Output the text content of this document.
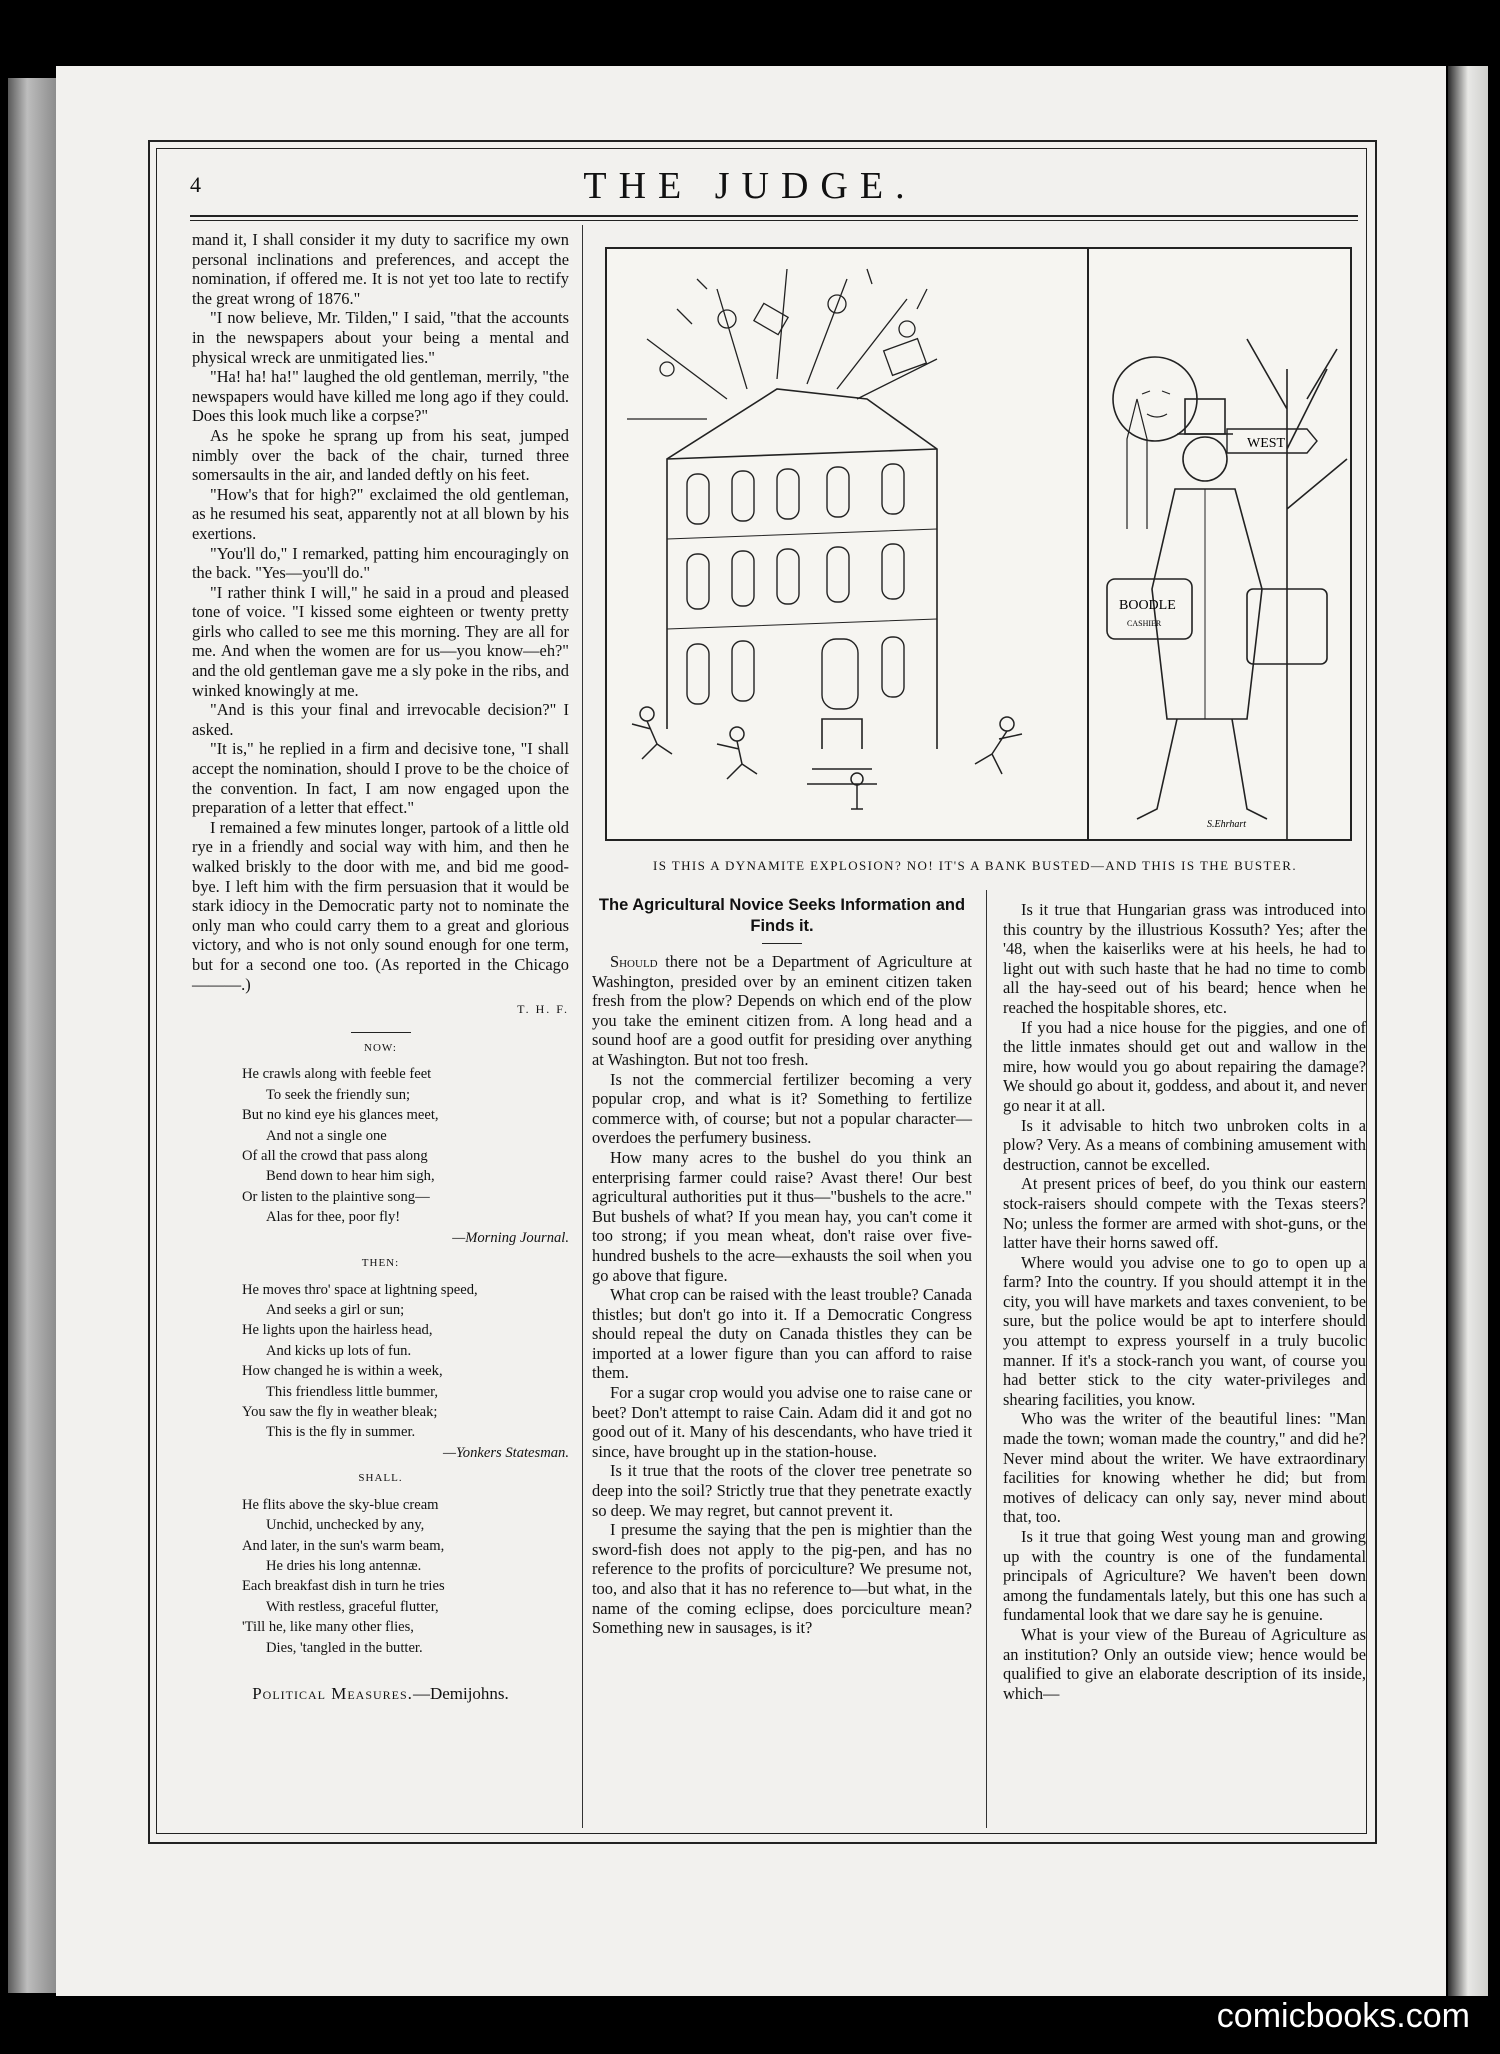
4	THE JUDGE.

mand it, I shall consider it my duty to sacrifice my own personal inclinations and preferences, and accept the nomination, if offered me. It is not yet too late to rectify the great wrong of 1876."

"I now believe, Mr. Tilden," I said, "that the accounts in the newspapers about your being a mental and physical wreck are unmitigated lies."

"Ha! ha! ha!" laughed the old gentleman, merrily, "the newspapers would have killed me long ago if they could. Does this look much like a corpse?"

As he spoke he sprang up from his seat, jumped nimbly over the back of the chair, turned three somersaults in the air, and landed deftly on his feet.

"How's that for high?" exclaimed the old gentleman, as he resumed his seat, apparently not at all blown by his exertions.

"You'll do," I remarked, patting him encouragingly on the back. "Yes—you'll do."

"I rather think I will," he said in a proud and pleased tone of voice. "I kissed some eighteen or twenty pretty girls who called to see me this morning. They are all for me. And when the women are for us—you know—eh?" and the old gentleman gave me a sly poke in the ribs, and winked knowingly at me.

"And is this your final and irrevocable decision?" I asked.

"It is," he replied in a firm and decisive tone, "I shall accept the nomination, should I prove to be the choice of the convention. In fact, I am now engaged upon the preparation of a letter that effect."

I remained a few minutes longer, partook of a little old rye in a friendly and social way with him, and then he walked briskly to the door with me, and bid me good-bye. I left him with the firm persuasion that it would be stark idiocy in the Democratic party not to nominate the only man who could carry them to a great and glorious victory, and who is not only sound enough for one term, but for a second one too. (As reported in the Chicago ———.)

T. H. F.
NOW:
He crawls along with feeble feet
To seek the friendly sun;
But no kind eye his glances meet,
And not a single one
Of all the crowd that pass along
Bend down to hear him sigh,
Or listen to the plaintive song—
Alas for thee, poor fly!
—Morning Journal.
THEN:
He moves thro' space at lightning speed,
And seeks a girl or sun;
He lights upon the hairless head,
And kicks up lots of fun.
How changed he is within a week,
This friendless little bummer,
You saw the fly in weather bleak;
This is the fly in summer.
—Yonkers Statesman.
SHALL.
He flits above the sky-blue cream
Unchid, unchecked by any,
And later, in the sun's warm beam,
He dries his long antennæ.
Each breakfast dish in turn he tries
With restless, graceful flutter,
'Till he, like many other flies,
Dies, 'tangled in the butter.
Political Measures.—Demijohns.
WEST
BOODLE
CASHIER
S.Ehrhart
IS THIS A DYNAMITE EXPLOSION? NO! IT'S A BANK BUSTED—AND THIS IS THE BUSTER.
The Agricultural Novice Seeks Information and Finds it.

Should there not be a Department of Agriculture at Washington, presided over by an eminent citizen taken fresh from the plow? Depends on which end of the plow you take the eminent citizen from. A long head and a sound hoof are a good outfit for presiding over anything at Washington. But not too fresh.

Is not the commercial fertilizer becoming a very popular crop, and what is it? Something to fertilize commerce with, of course; but not a popular character—overdoes the perfumery business.

How many acres to the bushel do you think an enterprising farmer could raise? Avast there! Our best agricultural authorities put it thus—"bushels to the acre." But bushels of what? If you mean hay, you can't come it too strong; if you mean wheat, don't raise over five-hundred bushels to the acre—exhausts the soil when you go above that figure.

What crop can be raised with the least trouble? Canada thistles; but don't go into it. If a Democratic Congress should repeal the duty on Canada thistles they can be imported at a lower figure than you can afford to raise them.

For a sugar crop would you advise one to raise cane or beet? Don't attempt to raise Cain. Adam did it and got no good out of it. Many of his descendants, who have tried it since, have brought up in the station-house.

Is it true that the roots of the clover tree penetrate so deep into the soil? Strictly true that they penetrate exactly so deep. We may regret, but cannot prevent it.

I presume the saying that the pen is mightier than the sword-fish does not apply to the pig-pen, and has no reference to the profits of porciculture? We presume not, too, and also that it has no reference to—but what, in the name of the coming eclipse, does porciculture mean? Something new in sausages, is it?

Is it true that Hungarian grass was introduced into this country by the illustrious Kossuth? Yes; after the '48, when the kaiserliks were at his heels, he had to light out with such haste that he had no time to comb all the hay-seed out of his beard; hence when he reached the hospitable shores, etc.

If you had a nice house for the piggies, and one of the little inmates should get out and wallow in the mire, how would you go about repairing the damage? We should go about it, goddess, and about it, and never go near it at all.

Is it advisable to hitch two unbroken colts in a plow? Very. As a means of combining amusement with destruction, cannot be excelled.

At present prices of beef, do you think our eastern stock-raisers should compete with the Texas steers? No; unless the former are armed with shot-guns, or the latter have their horns sawed off.

Where would you advise one to go to open up a farm? Into the country. If you should attempt it in the city, you will have markets and taxes convenient, to be sure, but the police would be apt to interfere should you attempt to express yourself in a truly bucolic manner. If it's a stock-ranch you want, of course you had better stick to the city water-privileges and shearing facilities, you know.

Who was the writer of the beautiful lines: "Man made the town; woman made the country," and did he? Never mind about the writer. We have extraordinary facilities for knowing whether he did; but from motives of delicacy can only say, never mind about that, too.

Is it true that going West young man and growing up with the country is one of the fundamental principals of Agriculture? We haven't been down among the fundamentals lately, but this one has such a fundamental look that we dare say he is genuine.

What is your view of the Bureau of Agriculture as an institution? Only an outside view; hence would be qualified to give an elaborate description of its inside, which—

comicbooks.com
